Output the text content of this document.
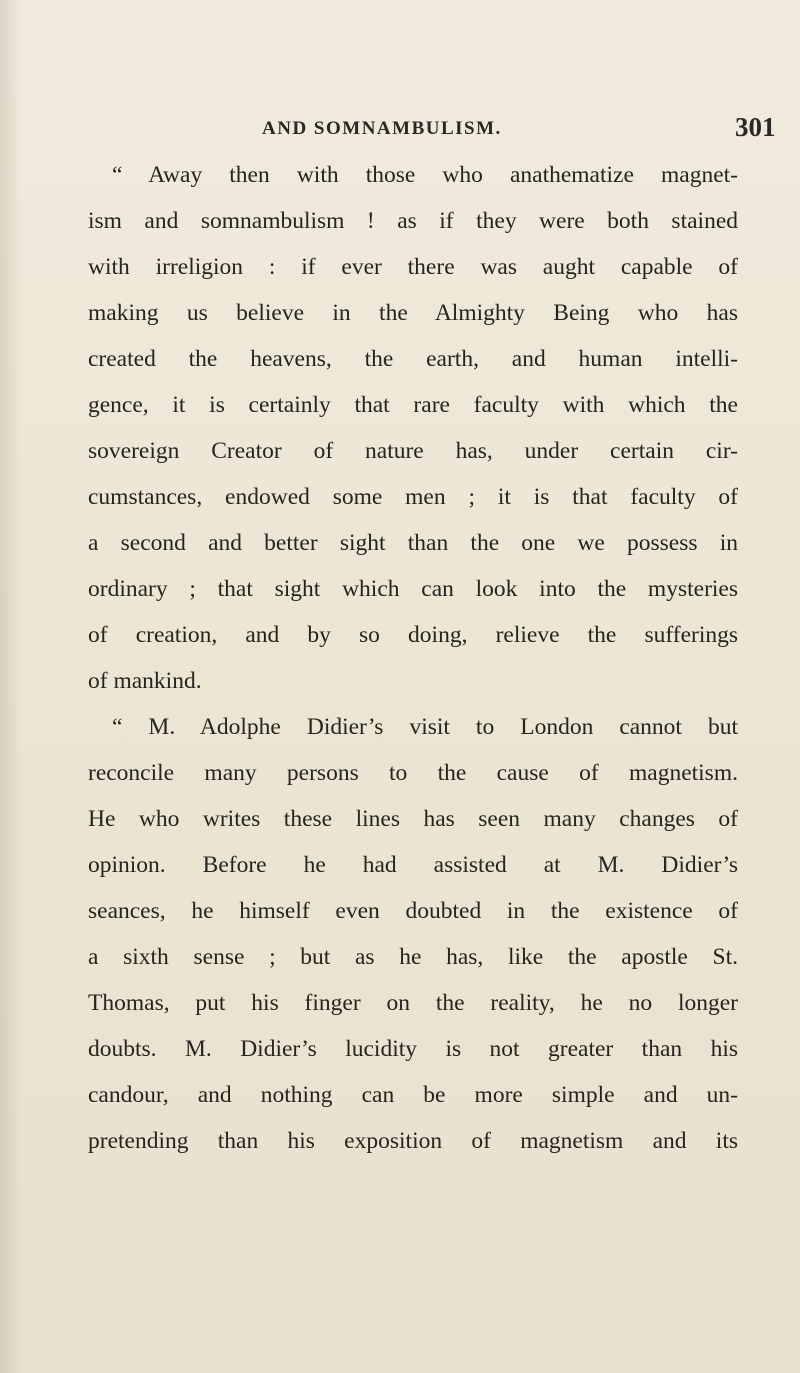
AND SOMNAMBULISM.	301
“ Away then with those who anathematize magnet-
ism and somnambulism ! as if they were both stained
with irreligion : if ever there was aught capable of
making us believe in the Almighty Being who has
created the heavens, the earth, and human intelli-
gence, it is certainly that rare faculty with which the
sovereign Creator of nature has, under certain cir-
cumstances, endowed some men ; it is that faculty of
a second and better sight than the one we possess in
ordinary ; that sight which can look into the mysteries
of creation, and by so doing, relieve the sufferings
of mankind.
“ M. Adolphe Didier’s visit to London cannot but
reconcile many persons to the cause of magnetism.
He who writes these lines has seen many changes of
opinion. Before he had assisted at M. Didier’s
seances, he himself even doubted in the existence of
a sixth sense ; but as he has, like the apostle St.
Thomas, put his finger on the reality, he no longer
doubts. M. Didier’s lucidity is not greater than his
candour, and nothing can be more simple and un-
pretending than his exposition of magnetism and its
